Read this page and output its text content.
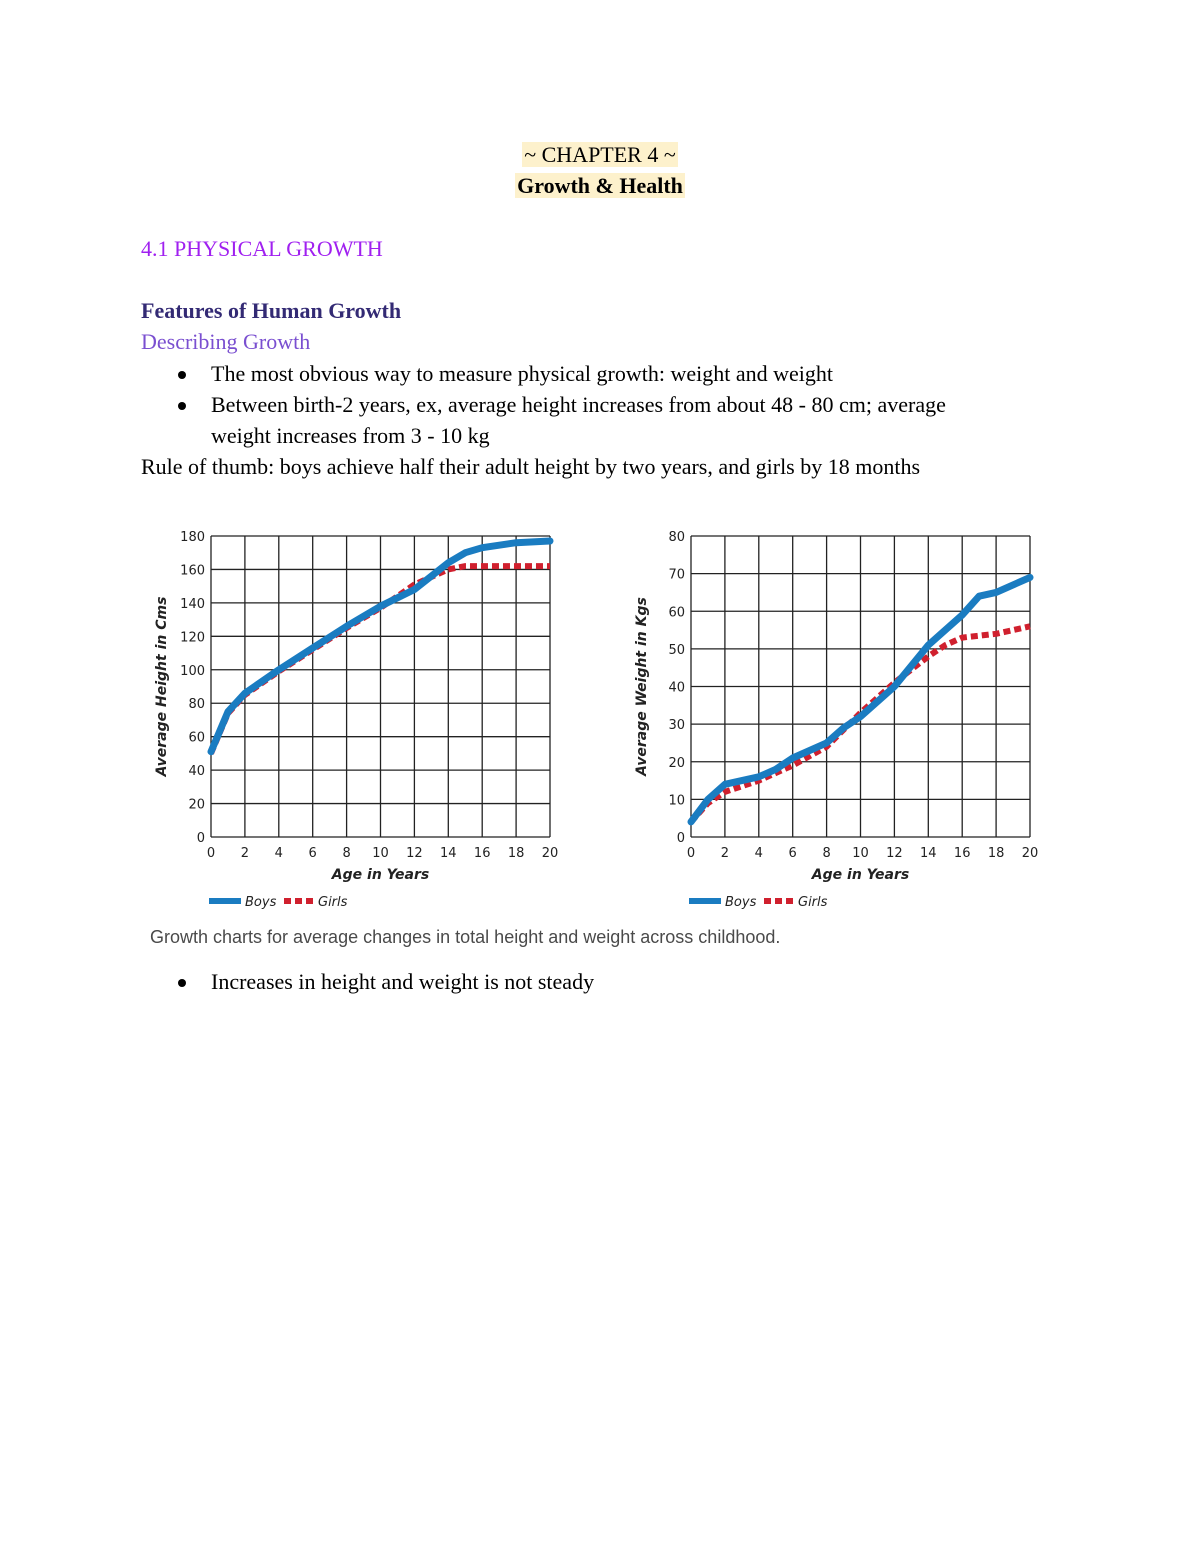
~ CHAPTER 4 ~
Growth & Health
4.1 PHYSICAL GROWTH
Features of Human Growth
Describing Growth
The most obvious way to measure physical growth: weight and weight
Between birth-2 years, ex, average height increases from about 48 - 80 cm; average
weight increases from 3 - 10 kg
Rule of thumb: boys achieve half their adult height by two years, and girls by 18 months
0 2 4 6 8 10 12 14 16 18 20
0
20
40
60
80
100
120
140
160
180
Age in Years
Average Height in Cms
Boys	Girls
0 2 4 6 8 10 12 14 16 18 20
0
10
20
30
40
50
60
70
80
Age in Years
Average Weight in Kgs
Boys	Girls
Growth charts for average changes in total height and weight across childhood.
Increases in height and weight is not steady
